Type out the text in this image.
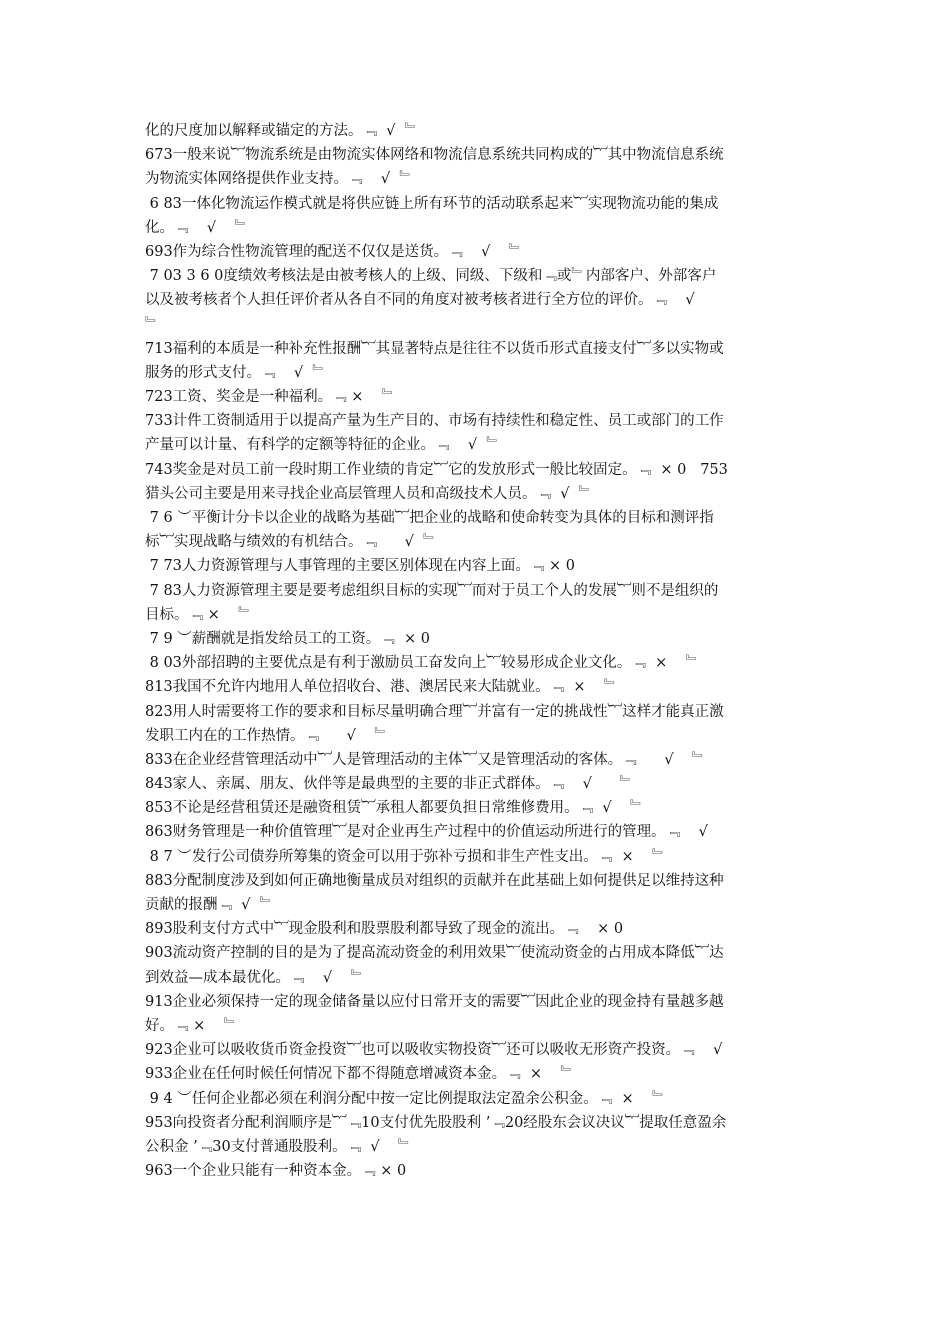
化的尺度加以解释或锚定的方法。﹃  √  ﹄
673一般来说︸物流系统是由物流实体网络和物流信息系统共同构成的︸其中物流信息系统
为物流实体网络提供作业支持。﹃    √  ﹄
6 83一体化物流运作模式就是将供应链上所有环节的活动联系起来︸实现物流功能的集成
化。﹃    √    ﹄
693作为综合性物流管理的配送不仅仅是送货。﹃    √    ﹄
7 03 3 6 0度绩效考核法是由被考核人的上级、同级、下级和﹃或﹄内部客户、外部客户
以及被考核者个人担任评价者从各自不同的角度对被考核者进行全方位的评价。﹃    √
﹄
713福利的本质是一种补充性报酬︸其显著特点是往往不以货币形式直接支付︸多以实物或
服务的形式支付。﹃    √  ﹄
723工资、奖金是一种福利。﹃ ×    ﹄
733计件工资制适用于以提高产量为生产目的、市场有持续性和稳定性、员工或部门的工作
产量可以计量、有科学的定额等特征的企业。﹃    √  ﹄
743奖金是对员工前一段时期工作业绩的肯定︸它的发放形式一般比较固定。﹃  × 0   753
猎头公司主要是用来寻找企业高层管理人员和高级技术人员。﹃  √  ﹄
7 6 ︶平衡计分卡以企业的战略为基础︸把企业的战略和使命转变为具体的目标和测评指
标︸实现战略与绩效的有机结合。﹃      √  ﹄
7 73人力资源管理与人事管理的主要区别体现在内容上面。﹃ × 0
7 83人力资源管理主要是要考虑组织目标的实现︸而对于员工个人的发展︸则不是组织的
目标。﹃ ×    ﹄
7 9 ︶薪酬就是指发给员工的工资。﹃  × 0
8 03外部招聘的主要优点是有利于激励员工奋发向上︸较易形成企业文化。﹃  ×    ﹄
813我国不允许内地用人单位招收台、港、澳居民来大陆就业。﹃  ×    ﹄
823用人时需要将工作的要求和目标尽量明确合理︸并富有一定的挑战性︸这样才能真正激
发职工内在的工作热情。﹃      √    ﹄
833在企业经营管理活动中︸人是管理活动的主体︸又是管理活动的客体。﹃      √    ﹄
843家人、亲属、朋友、伙伴等是最典型的主要的非正式群体。﹃    √      ﹄
853不论是经营租赁还是融资租赁︸承租人都要负担日常维修费用。﹃  √    ﹄
863财务管理是一种价值管理︸是对企业再生产过程中的价值运动所进行的管理。﹃    √
8 7 ︶发行公司债券所筹集的资金可以用于弥补亏损和非生产性支出。﹃  ×    ﹄
883分配制度涉及到如何正确地衡量成员对组织的贡献并在此基础上如何提供足以维持这种
贡献的报酬﹃  √  ﹄
893股利支付方式中︸现金股利和股票股利都导致了现金的流出。﹃    × 0
903流动资产控制的目的是为了提高流动资金的利用效果︸使流动资金的占用成本降低︸达
到效益—成本最优化。﹃    √    ﹄
913企业必须保持一定的现金储备量以应付日常开支的需要︸因此企业的现金持有量越多越
好。﹃ ×    ﹄
923企业可以吸收货币资金投资︸也可以吸收实物投资︸还可以吸收无形资产投资。﹃    √
933企业在任何时候任何情况下都不得随意增减资本金。﹃  ×    ﹄
9 4 ︶任何企业都必须在利润分配中按一定比例提取法定盈余公积金。﹃  ×    ﹄
953向投资者分配利润顺序是︸﹃10支付优先股股利 ’﹃20经股东会议决议︸提取任意盈余
公积金 ’﹃30支付普通股股利。﹃  √    ﹄
963一个企业只能有一种资本金。﹃ × 0
